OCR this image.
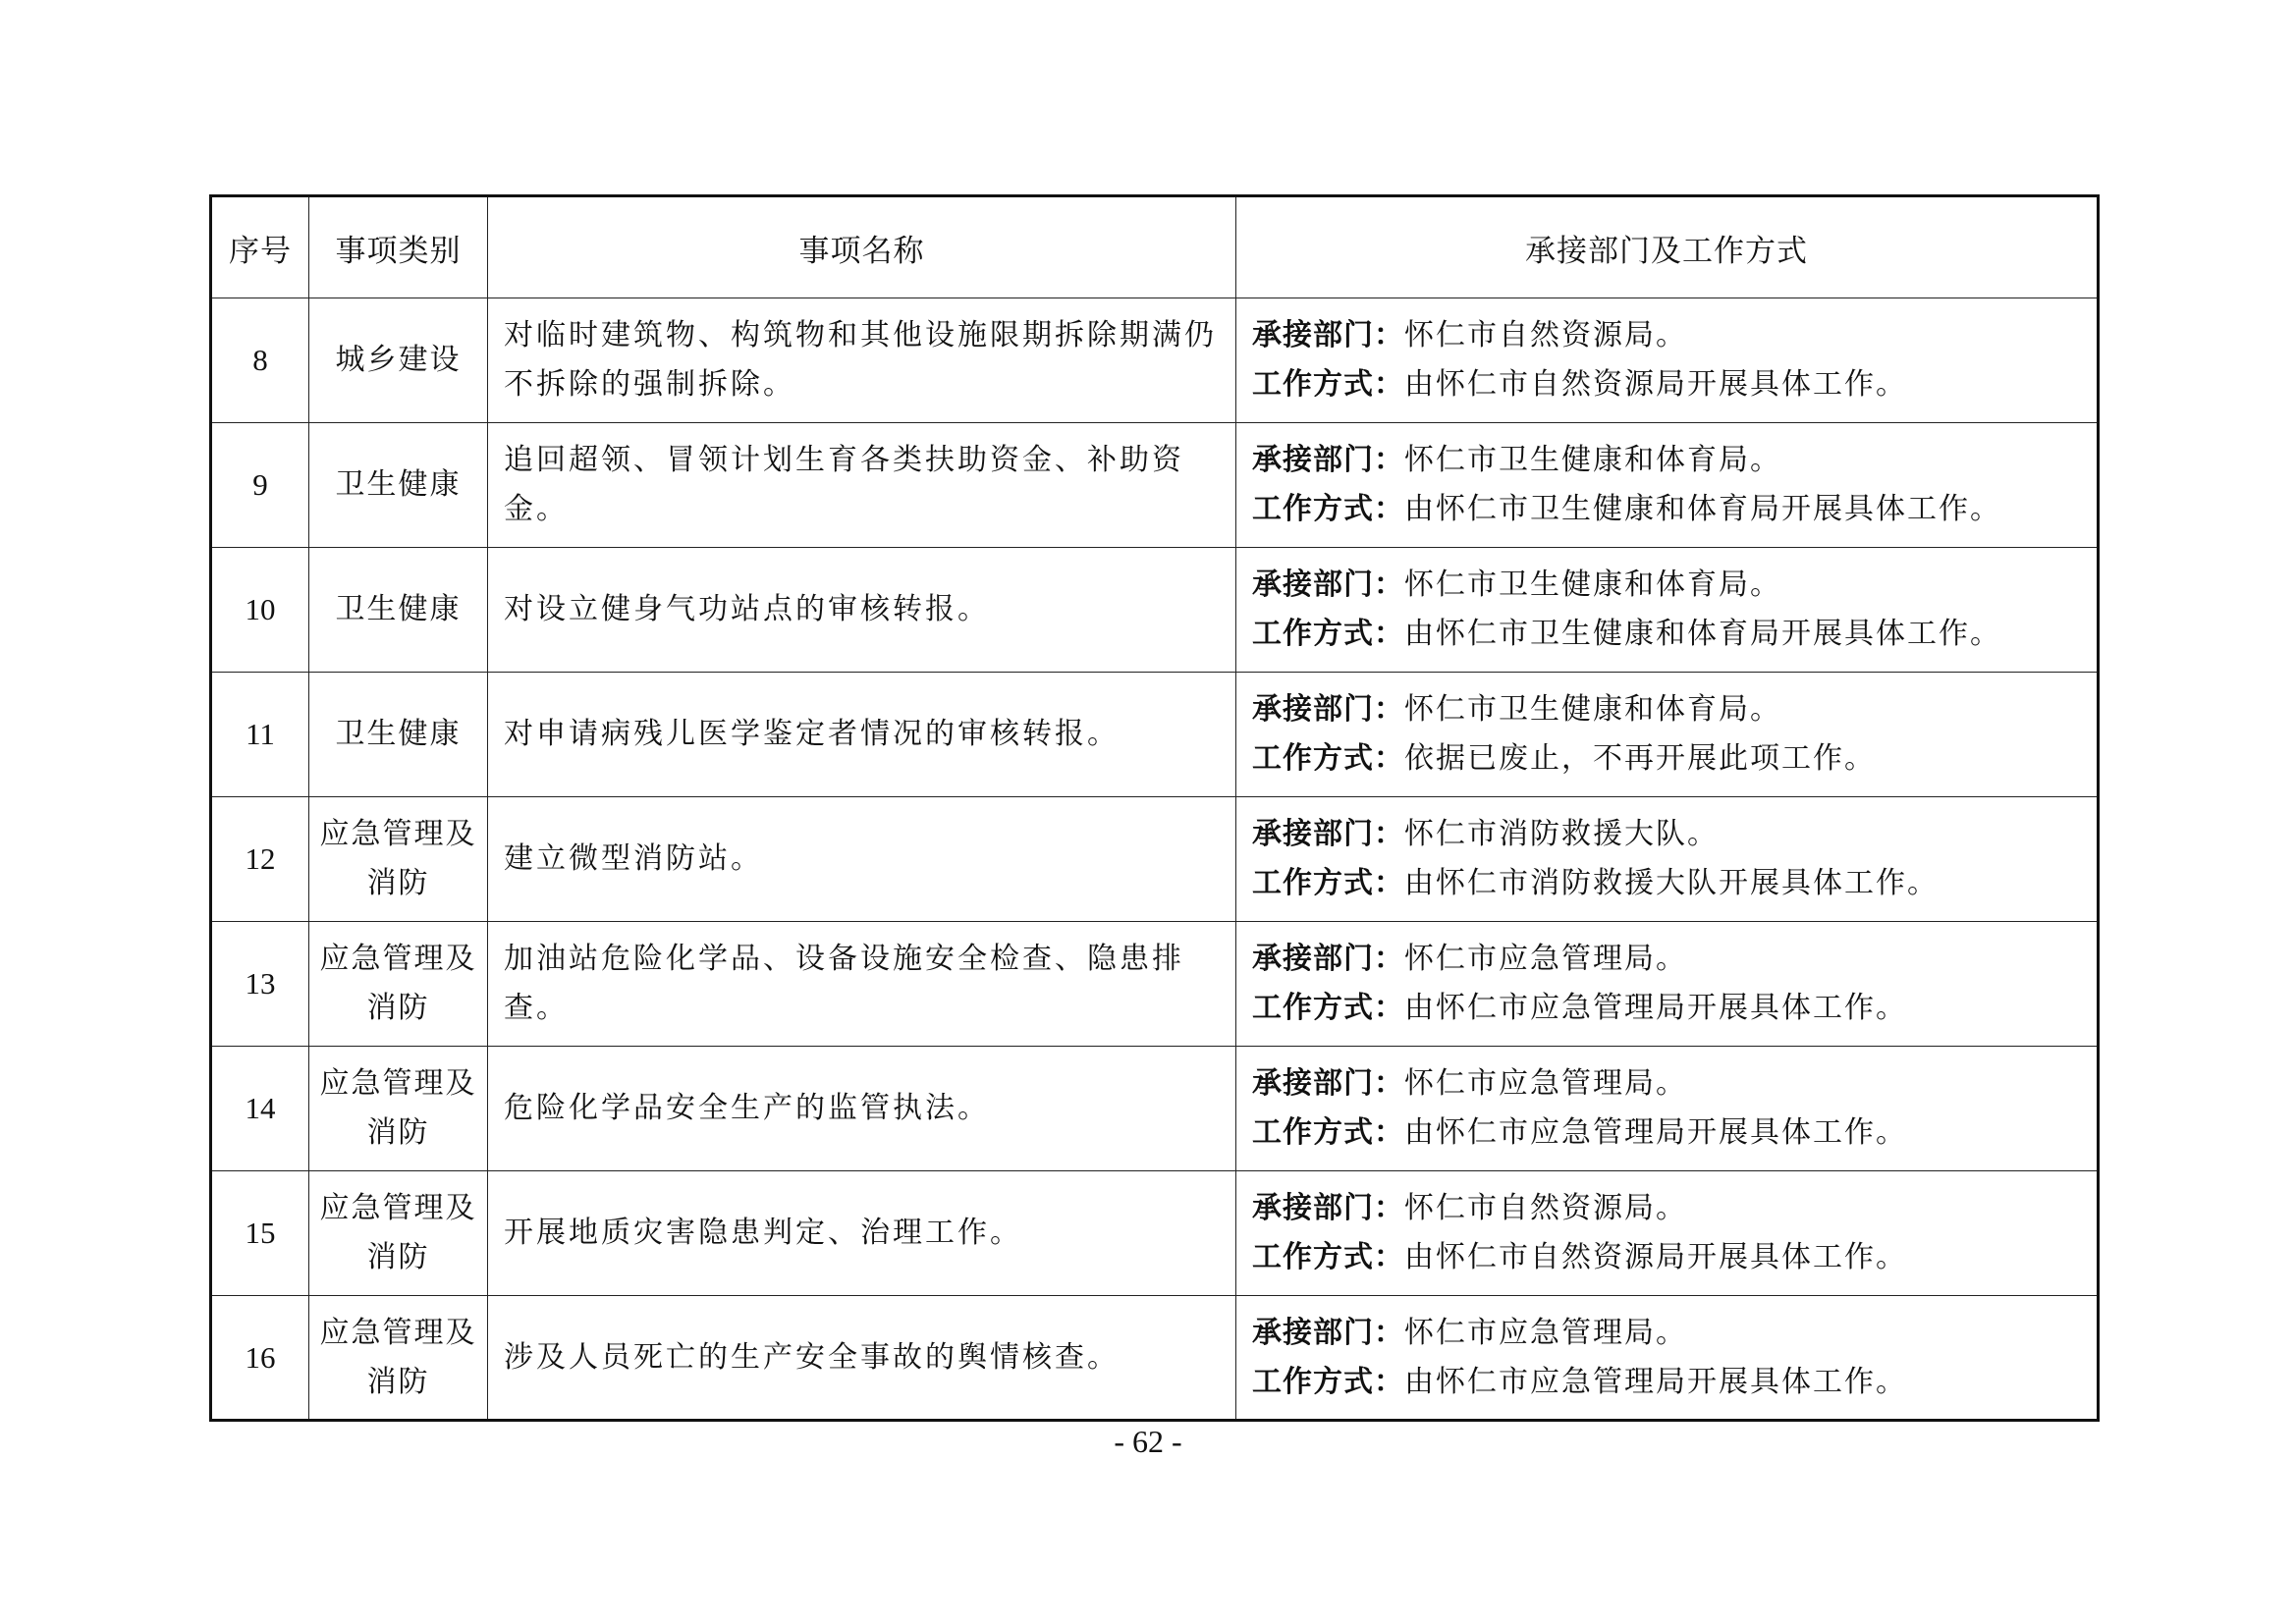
序号	事项类别	事项名称	承接部门及工作方式
8	城乡建设	对临时建筑物、构筑物和其他设施限期拆除期满仍不拆除的强制拆除。	承接部门：怀仁市自然资源局。
工作方式：由怀仁市自然资源局开展具体工作。

9	卫生健康	追回超领、冒领计划生育各类扶助资金、补助资金。	承接部门：怀仁市卫生健康和体育局。
工作方式：由怀仁市卫生健康和体育局开展具体工作。

10	卫生健康	对设立健身气功站点的审核转报。	承接部门：怀仁市卫生健康和体育局。
工作方式：由怀仁市卫生健康和体育局开展具体工作。

11	卫生健康	对申请病残儿医学鉴定者情况的审核转报。	承接部门：怀仁市卫生健康和体育局。
工作方式：依据已废止，不再开展此项工作。

12	应急管理及消防	建立微型消防站。	承接部门：怀仁市消防救援大队。
工作方式：由怀仁市消防救援大队开展具体工作。

13	应急管理及消防	加油站危险化学品、设备设施安全检查、隐患排查。	承接部门：怀仁市应急管理局。
工作方式：由怀仁市应急管理局开展具体工作。

14	应急管理及消防	危险化学品安全生产的监管执法。	承接部门：怀仁市应急管理局。
工作方式：由怀仁市应急管理局开展具体工作。

15	应急管理及消防	开展地质灾害隐患判定、治理工作。	承接部门：怀仁市自然资源局。
工作方式：由怀仁市自然资源局开展具体工作。

16	应急管理及消防	涉及人员死亡的生产安全事故的舆情核查。	承接部门：怀仁市应急管理局。
工作方式：由怀仁市应急管理局开展具体工作。
- 62 -
